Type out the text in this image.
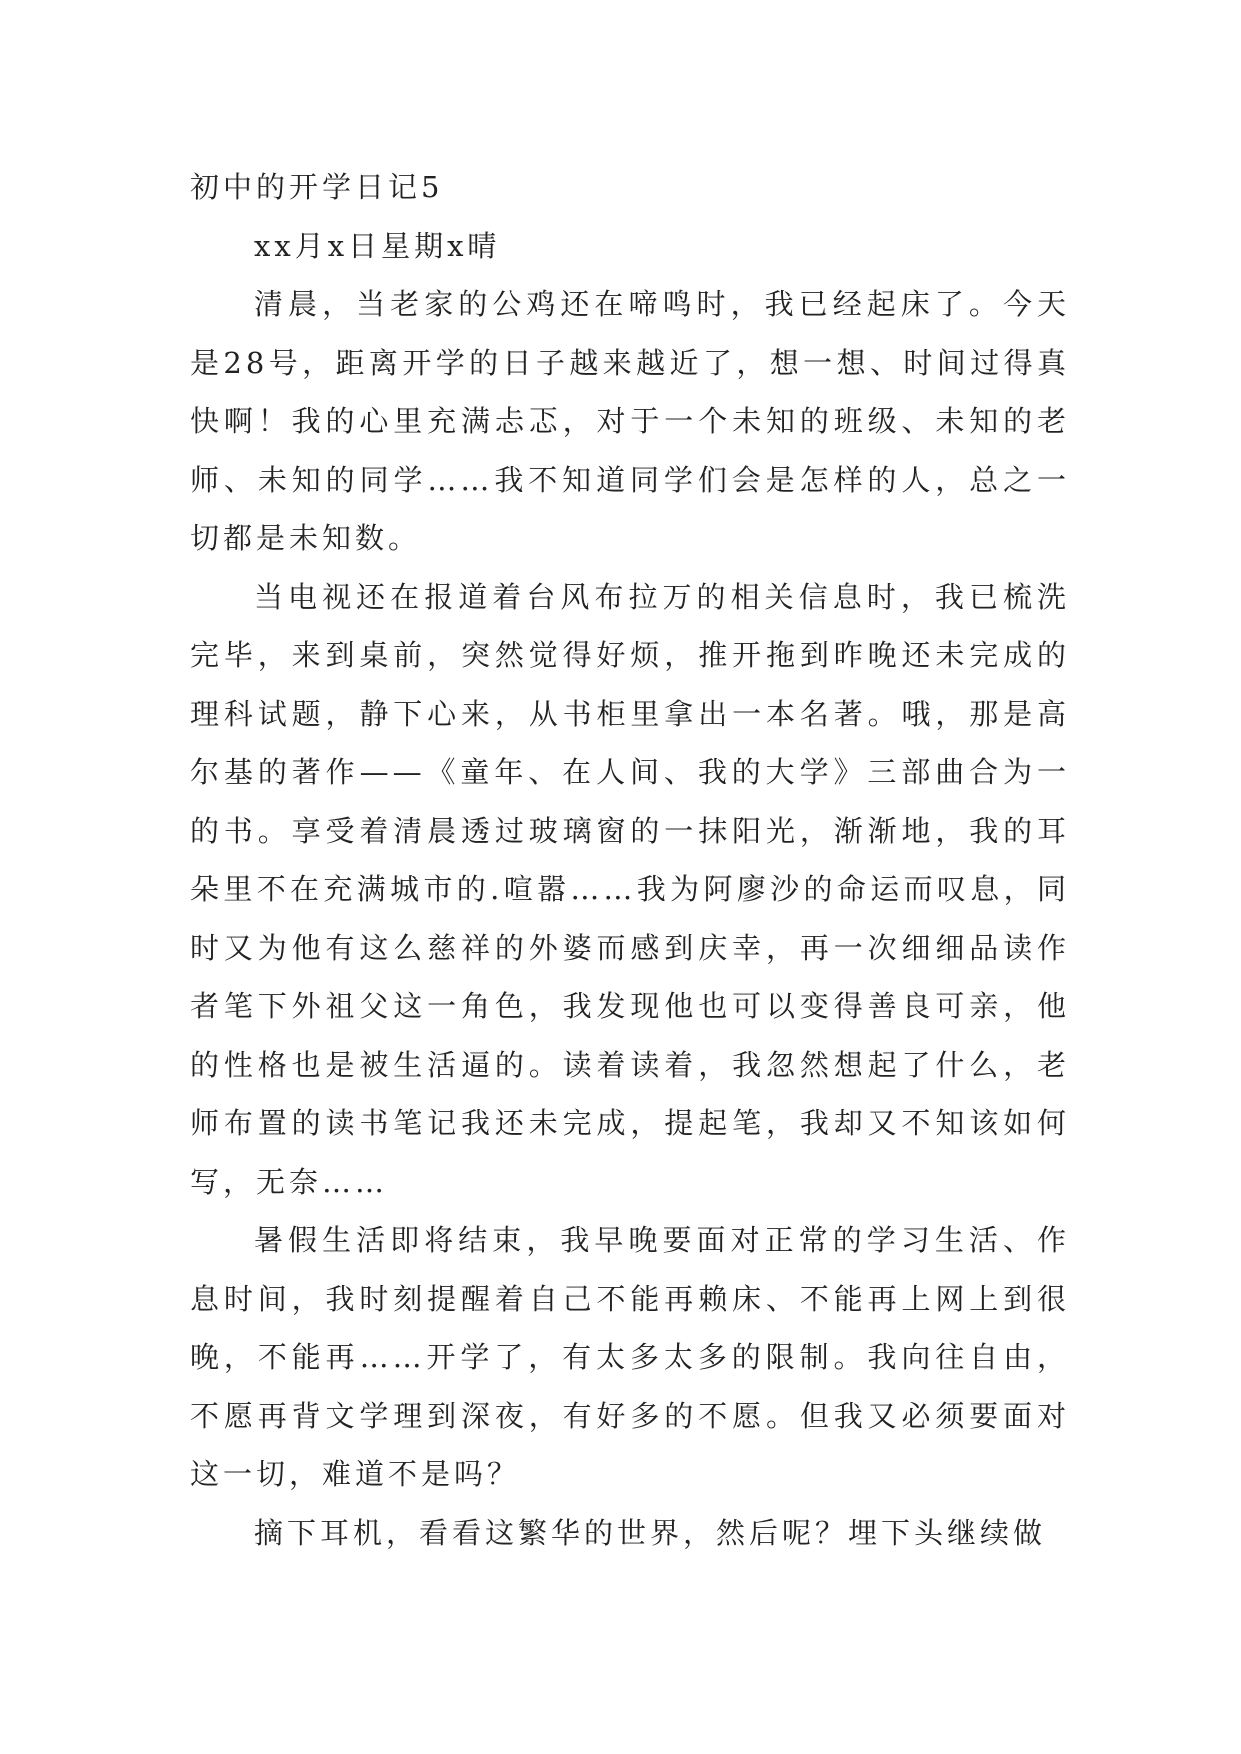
初中的开学日记5

xx月x日星期x晴

清晨，当老家的公鸡还在啼鸣时，我已经起床了。今天是28号，距离开学的日子越来越近了，想一想、时间过得真快啊！我的心里充满忐忑，对于一个未知的班级、未知的老师、未知的同学……我不知道同学们会是怎样的人，总之一切都是未知数。

当电视还在报道着台风布拉万的相关信息时，我已梳洗完毕，来到桌前，突然觉得好烦，推开拖到昨晚还未完成的理科试题，静下心来，从书柜里拿出一本名著。哦，那是高尔基的著作——《童年、在人间、我的大学》三部曲合为一的书。享受着清晨透过玻璃窗的一抹阳光，渐渐地，我的耳朵里不在充满城市的.喧嚣……我为阿廖沙的命运而叹息，同时又为他有这么慈祥的外婆而感到庆幸，再一次细细品读作者笔下外祖父这一角色，我发现他也可以变得善良可亲，他的性格也是被生活逼的。读着读着，我忽然想起了什么，老师布置的读书笔记我还未完成，提起笔，我却又不知该如何写，无奈……

暑假生活即将结束，我早晚要面对正常的学习生活、作息时间，我时刻提醒着自己不能再赖床、不能再上网上到很晚，不能再……开学了，有太多太多的限制。我向往自由，不愿再背文学理到深夜，有好多的不愿。但我又必须要面对这一切，难道不是吗？

摘下耳机，看看这繁华的世界，然后呢？埋下头继续做
